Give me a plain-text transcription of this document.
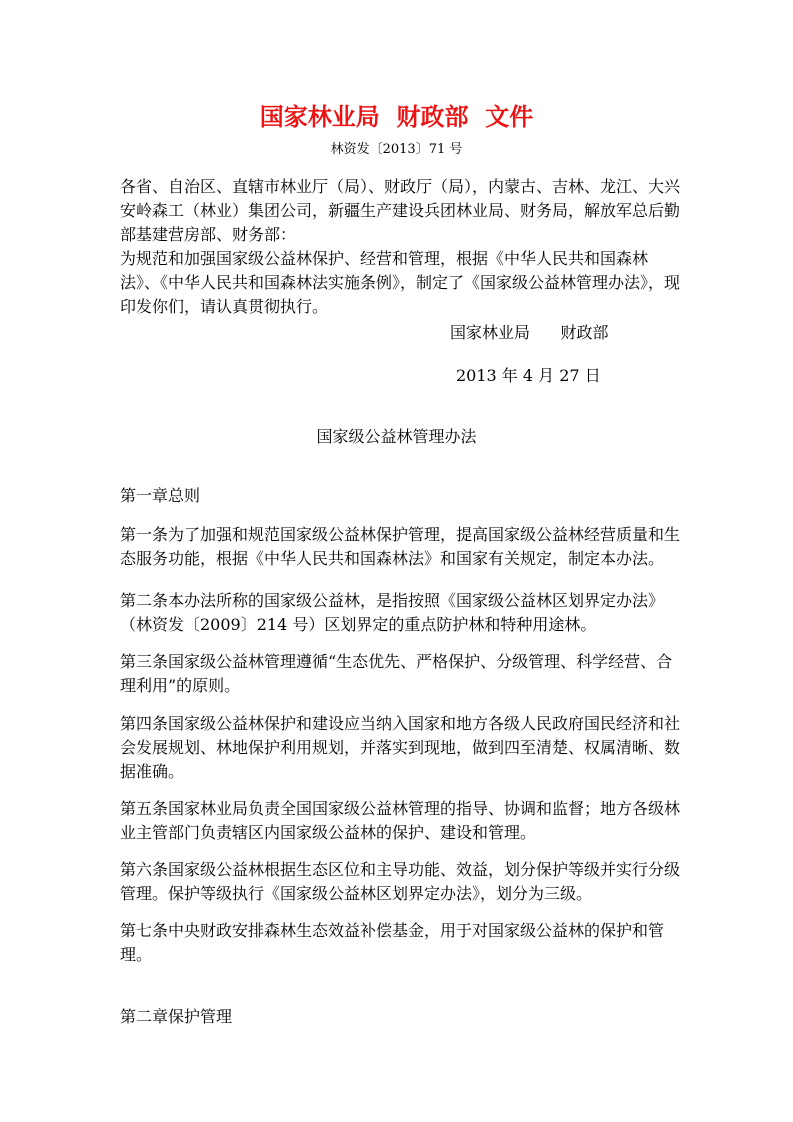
国家林业局  财政部  文件
林资发〔2013〕71 号

各省、自治区、直辖市林业厅（局）、财政厅（局），内蒙古、吉林、龙江、大兴安岭森工（林业）集团公司，新疆生产建设兵团林业局、财务局，解放军总后勤部基建营房部、财务部：

为规范和加强国家级公益林保护、经营和管理，根据《中华人民共和国森林法》、《中华人民共和国森林法实施条例》，制定了《国家级公益林管理办法》，现印发你们，请认真贯彻执行。

国家林业局      财政部
2013 年 4 月 27 日
国家级公益林管理办法

第一章总则

第一条为了加强和规范国家级公益林保护管理，提高国家级公益林经营质量和生态服务功能，根据《中华人民共和国森林法》和国家有关规定，制定本办法。

第二条本办法所称的国家级公益林，是指按照《国家级公益林区划界定办法》（林资发〔2009〕214 号）区划界定的重点防护林和特种用途林。

第三条国家级公益林管理遵循“生态优先、严格保护、分级管理、科学经营、合理利用”的原则。

第四条国家级公益林保护和建设应当纳入国家和地方各级人民政府国民经济和社会发展规划、林地保护利用规划，并落实到现地，做到四至清楚、权属清晰、数据准确。

第五条国家林业局负责全国国家级公益林管理的指导、协调和监督；地方各级林业主管部门负责辖区内国家级公益林的保护、建设和管理。

第六条国家级公益林根据生态区位和主导功能、效益，划分保护等级并实行分级管理。保护等级执行《国家级公益林区划界定办法》，划分为三级。

第七条中央财政安排森林生态效益补偿基金，用于对国家级公益林的保护和管理。

第二章保护管理
